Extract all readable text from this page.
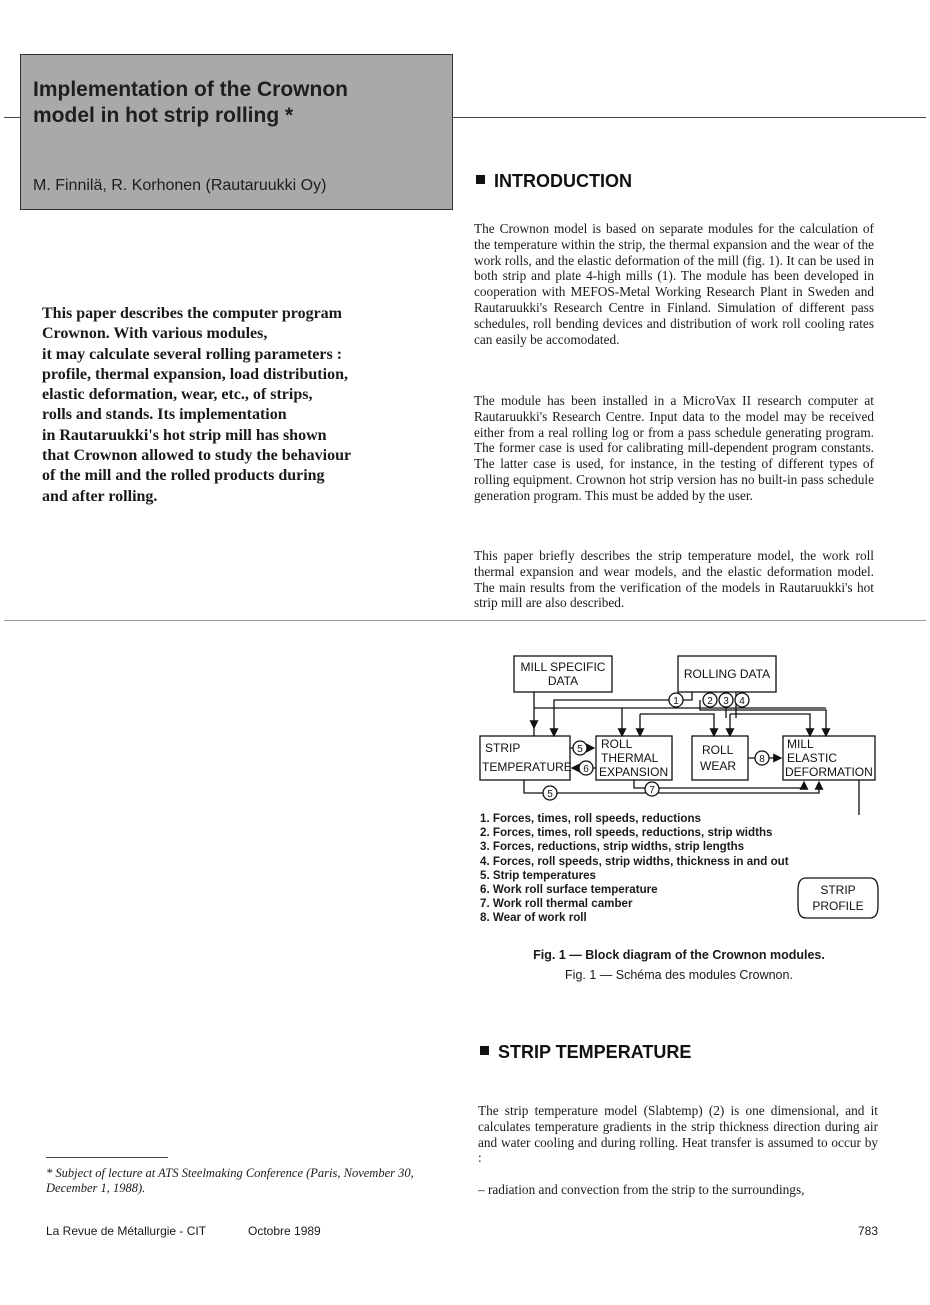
Implementation of the Crownon
model in hot strip rolling *
M. Finnilä, R. Korhonen (Rautaruukki Oy)
This paper describes the computer program
Crownon. With various modules,
it may calculate several rolling parameters :
profile, thermal expansion, load distribution,
elastic deformation, wear, etc., of strips,
rolls and stands. Its implementation
in Rautaruukki's hot strip mill has shown
that Crownon allowed to study the behaviour
of the mill and the rolled products during
and after rolling.
INTRODUCTION
The Crownon model is based on separate modules for the calculation of the temperature within the strip, the thermal expansion and the wear of the work rolls, and the elastic deformation of the mill (fig. 1). It can be used in both strip and plate 4-high mills (1). The module has been developed in cooperation with MEFOS-Metal Working Research Plant in Sweden and Rautaruukki's Research Centre in Finland. Simulation of different pass schedules, roll bending devices and distribution of work roll cooling rates can easily be accomodated.
The module has been installed in a MicroVax II research computer at Rautaruukki's Research Centre. Input data to the model may be received either from a real rolling log or from a pass schedule generating program. The former case is used for calibrating mill-dependent program constants. The latter case is used, for instance, in the testing of different types of rolling equipment. Crownon hot strip version has no built-in pass schedule generation program. This must be added by the user.
This paper briefly describes the strip temperature model, the work roll thermal expansion and wear models, and the elastic deformation model. The main results from the verification of the models in Rautaruukki's hot strip mill are also described.
MILL SPECIFIC
DATA	ROLLING DATA
STRIP
TEMPERATURE
ROLL
THERMAL
EXPANSION
ROLL
WEAR
MILL
ELASTIC
DEFORMATION
1	2 3 4
5
6
8
5	7
STRIP
PROFILE
1. Forces, times, roll speeds, reductions
2. Forces, times, roll speeds, reductions, strip widths
3. Forces, reductions, strip widths, strip lengths
4. Forces, roll speeds, strip widths, thickness in and out
5. Strip temperatures
6. Work roll surface temperature
7. Work roll thermal camber
8. Wear of work roll
Fig. 1 — Block diagram of the Crownon modules.
Fig. 1 — Schéma des modules Crownon.
STRIP TEMPERATURE
The strip temperature model (Slabtemp) (2) is one dimensional, and it calculates temperature gradients in the strip thickness direction during air and water cooling and during rolling. Heat transfer is assumed to occur by :
– radiation and convection from the strip to the surroundings,
* Subject of lecture at ATS Steelmaking Conference (Paris, November 30, December 1, 1988).
La Revue de Métallurgie - CIT	Octobre 1989	783
